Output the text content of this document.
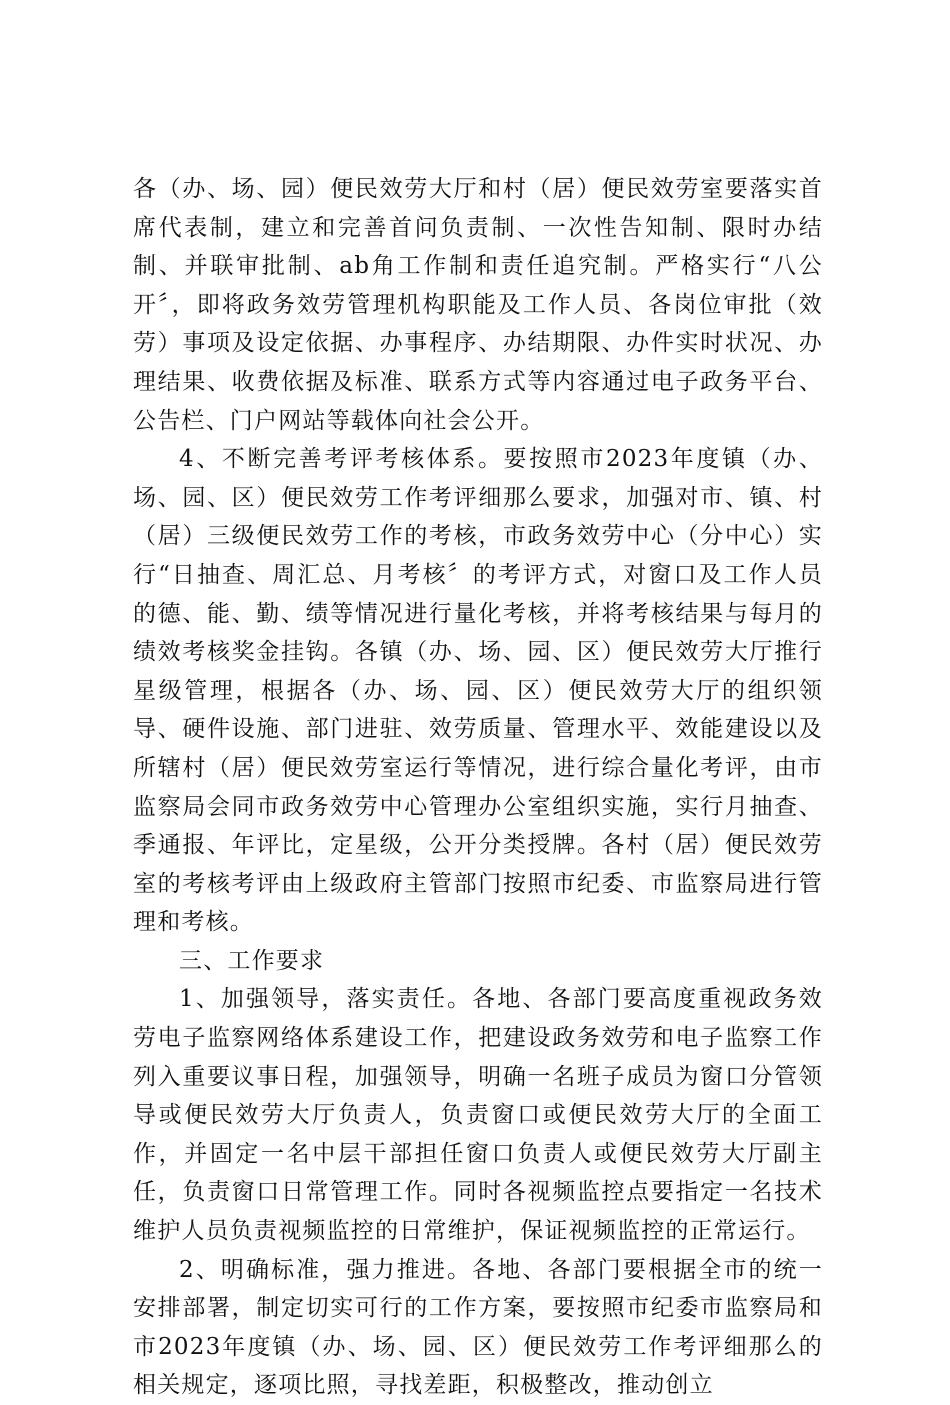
各（办、场、园）便民效劳大厅和村（居）便民效劳室要落实首席代表制，建立和完善首问负责制、一次性告知制、限时办结制、并联审批制、ab角工作制和责任追究制。严格实行“八公开〞，即将政务效劳管理机构职能及工作人员、各岗位审批（效劳）事项及设定依据、办事程序、办结期限、办件实时状况、办理结果、收费依据及标准、联系方式等内容通过电子政务平台、公告栏、门户网站等载体向社会公开。

4、不断完善考评考核体系。要按照市2023年度镇（办、场、园、区）便民效劳工作考评细那么要求，加强对市、镇、村（居）三级便民效劳工作的考核，市政务效劳中心（分中心）实行“日抽查、周汇总、月考核〞的考评方式，对窗口及工作人员的德、能、勤、绩等情况进行量化考核，并将考核结果与每月的绩效考核奖金挂钩。各镇（办、场、园、区）便民效劳大厅推行星级管理，根据各（办、场、园、区）便民效劳大厅的组织领导、硬件设施、部门进驻、效劳质量、管理水平、效能建设以及所辖村（居）便民效劳室运行等情况，进行综合量化考评，由市监察局会同市政务效劳中心管理办公室组织实施，实行月抽查、季通报、年评比，定星级，公开分类授牌。各村（居）便民效劳室的考核考评由上级政府主管部门按照市纪委、市监察局进行管理和考核。

三、工作要求

1、加强领导，落实责任。各地、各部门要高度重视政务效劳电子监察网络体系建设工作，把建设政务效劳和电子监察工作列入重要议事日程，加强领导，明确一名班子成员为窗口分管领导或便民效劳大厅负责人，负责窗口或便民效劳大厅的全面工作，并固定一名中层干部担任窗口负责人或便民效劳大厅副主任，负责窗口日常管理工作。同时各视频监控点要指定一名技术维护人员负责视频监控的日常维护，保证视频监控的正常运行。

2、明确标准，强力推进。各地、各部门要根据全市的统一安排部署，制定切实可行的工作方案，要按照市纪委市监察局和市2023年度镇（办、场、园、区）便民效劳工作考评细那么的相关规定，逐项比照，寻找差距，积极整改，推动创立
